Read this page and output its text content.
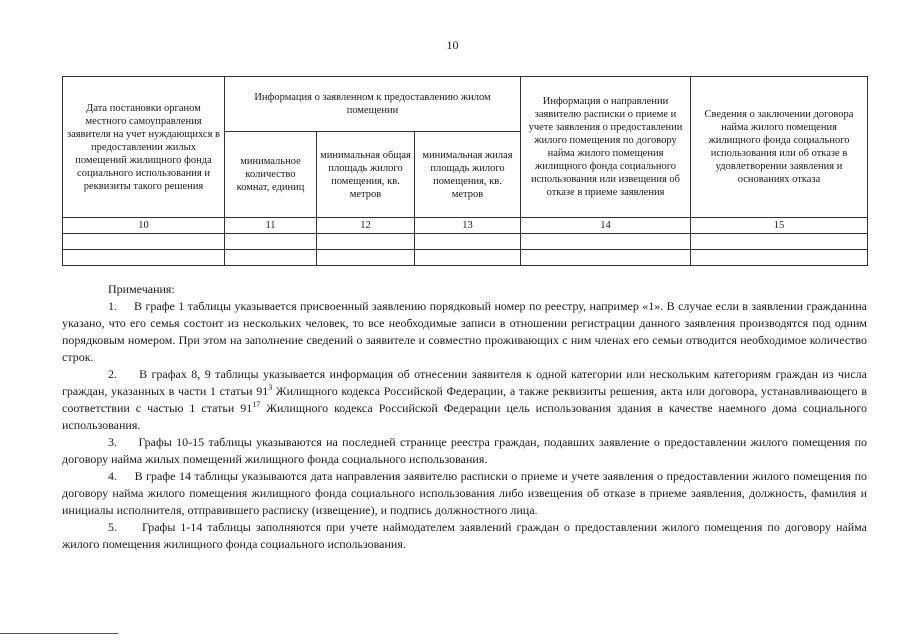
10
Дата постановки органом местного самоуправления заявителя на учет нуждающихся в предоставлении жилых помещений жилищного фонда социального использования и реквизиты такого решения	Информация о заявленном к предоставлению жилом помещении			Информация о направлении заявителю расписки о приеме и учете заявления о предоставлении жилого помещения по договору найма жилого помещения жилищного фонда социального использования или извещения об отказе в приеме заявления	Сведения о заключении договора найма жилого помещения жилищного фонда социального использования или об отказе в удовлетворении заявления и основаниях отказа
	минимальное количество комнат, единиц	минимальная общая площадь жилого помещения, кв. метров	минимальная жилая площадь жилого помещения, кв. метров		
10	11	12	13	14	15

Примечания:

1. В графе 1 таблицы указывается присвоенный заявлению порядковый номер по реестру, например «1». В случае если в заявлении гражданина указано, что его семья состоит из нескольких человек, то все необходимые записи в отношении регистрации данного заявления производятся под одним порядковым номером. При этом на заполнение сведений о заявителе и совместно проживающих с ним членах его семьи отводится необходимое количество строк.

2. В графах 8, 9 таблицы указывается информация об отнесении заявителя к одной категории или нескольким категориям граждан из числа граждан, указанных в части 1 статьи $91^3$ Жилищного кодекса Российской Федерации, а также реквизиты решения, акта или договора, устанавливающего в соответствии с частью 1 статьи $91^{17}$ Жилищного кодекса Российской Федерации цель использования здания в качестве наемного дома социального использования.

3. Графы 10-15 таблицы указываются на последней странице реестра граждан, подавших заявление о предоставлении жилого помещения по договору найма жилых помещений жилищного фонда социального использования.

4. В графе 14 таблицы указываются дата направления заявителю расписки о приеме и учете заявления о предоставлении жилого помещения по договору найма жилого помещения жилищного фонда социального использования либо извещения об отказе в приеме заявления, должность, фамилия и инициалы исполнителя, отправившего расписку (извещение), и подпись должностного лица.

5. Графы 1-14 таблицы заполняются при учете наймодателем заявлений граждан о предоставлении жилого помещения по договору найма жилого помещения жилищного фонда социального использования.
